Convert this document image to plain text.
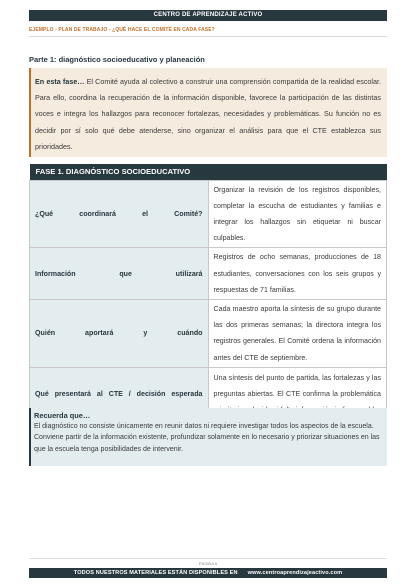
CENTRO DE APRENDIZAJE ACTIVO
EJEMPLO - PLAN DE TRABAJO - ¿QUÉ HACE EL COMITÉ EN CADA FASE?
Parte 1: diagnóstico socioeducativo y planeación
En esta fase… El Comité ayuda al colectivo a construir una comprensión compartida de la realidad escolar. Para ello, coordina la recuperación de la información disponible, favorece la participación de las distintas voces e integra los hallazgos para reconocer fortalezas, necesidades y problemáticas. Su función no es decidir por sí solo qué debe atenderse, sino organizar el análisis para que el CTE establezca sus prioridades.
FASE 1. DIAGNÓSTICO SOCIOEDUCATIVO	
¿Qué coordinará el Comité?	Organizar la revisión de los registros disponibles, completar la escucha de estudiantes y familias e integrar los hallazgos sin etiquetar ni buscar culpables.
Información que utilizará	Registros de ocho semanas, producciones de 18 estudiantes, conversaciones con los seis grupos y respuestas de 71 familias.
Quién aportará y cuándo	Cada maestro aporta la síntesis de su grupo durante las dos primeras semanas; la directora integra los registros generales. El Comité ordena la información antes del CTE de septiembre.
Qué presentará al CTE / decisión esperada	Una síntesis del punto de partida, las fortalezas y las preguntas abiertas. El CTE confirma la problemática
Recuerda que…
El diagnóstico no consiste únicamente en reunir datos ni requiere investigar todos los aspectos de la escuela. Conviene partir de la información existente, profundizar solamente en lo necesario y priorizar situaciones en las que la escuela tenga posibilidades de intervenir.
PÁGINA 6
TODOS NUESTROS MATERIALES ESTÁN DISPONIBLES EN www.centroaprendizajeactivo.com
